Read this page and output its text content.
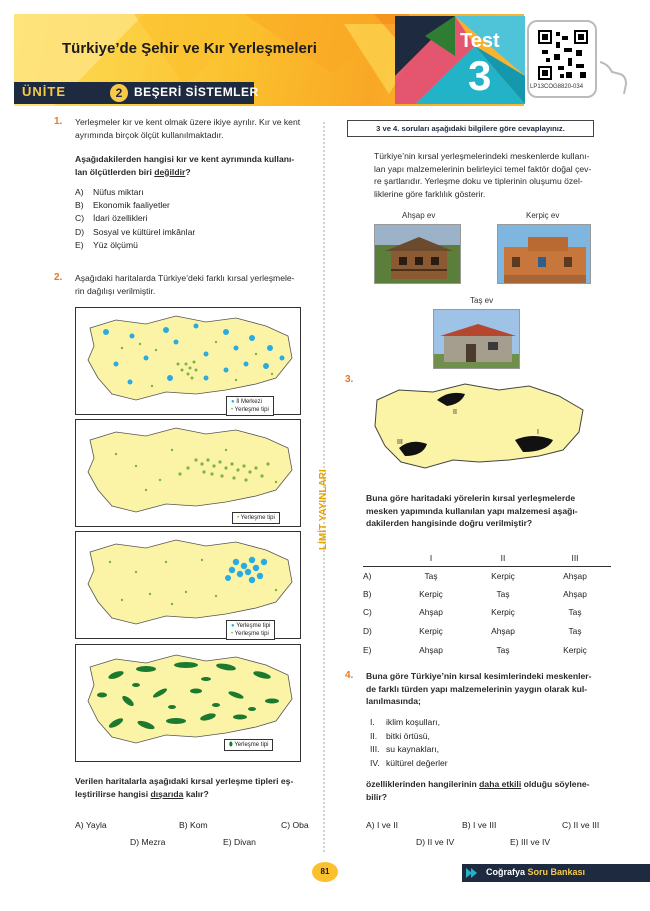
Türkiye’de Şehir ve Kır Yerleşmeleri
ÜNİTE	2 BEŞERİ SİSTEMLER
Test
3	LP13COG8820-034
LİMİT YAYINLARI
1. Yerleşmeler kır ve kent olmak üzere ikiye ayrılır. Kır ve kent
ayrımında birçok ölçüt kullanılmaktadır.
Aşağıdakilerden hangisi kır ve kent ayrımında kullanı-
lan ölçütlerden biri değildir?
A) Nüfus miktarı
B) Ekonomik faaliyetler
C) İdari özellikleri
D) Sosyal ve kültürel imkânlar
E) Yüz ölçümü
2. Aşağıdaki haritalarda Türkiye’deki farklı kırsal yerleşmele-
rin dağılışı verilmiştir.
● İl Merkezi
• Yerleşme tipi
• Yerleşme tipi
● Yerleşme tipi
• Yerleşme tipi
⬮ Yerleşme tipi
Verilen haritalarla aşağıdaki kırsal yerleşme tipleri eş-
leştirilirse hangisi dışarıda kalır?
A) Yayla	B) Kom	C) Oba
D) Mezra	E) Divan
3 ve 4. soruları aşağıdaki bilgilere göre cevaplayınız.
Türkiye’nin kırsal yerleşmelerindeki meskenlerde kullanı-
lan yapı malzemelerinin belirleyici temel faktör doğal çev-
re şartlarıdır. Yerleşme doku ve tiplerinin oluşumu özel-
liklerine göre farklılık gösterir.
Ahşap ev	Kerpiç ev
Taş ev
3.
II
III
I
Buna göre haritadaki yörelerin kırsal yerleşmelerde
mesken yapımında kullanılan yapı malzemesi aşağı-
dakilerden hangisinde doğru verilmiştir?
	I	II	III
A)	Taş	Kerpiç	Ahşap
B)	Kerpiç	Taş	Ahşap
C)	Ahşap	Kerpiç	Taş
D)	Kerpiç	Ahşap	Taş
E)	Ahşap	Taş	Kerpiç
4. Buna göre Türkiye’nin kırsal kesimlerindeki meskenler-
de farklı türden yapı malzemelerinin yaygın olarak kul-
lanılmasında;
I. iklim koşulları,
II. bitki örtüsü,
III. su kaynakları,
IV. kültürel değerler
özelliklerinden hangilerinin daha etkili olduğu söylene-
bilir?
A) I ve II	B) I ve III	C) II ve III
D) II ve IV	E) III ve IV
81	Coğrafya Soru Bankası
